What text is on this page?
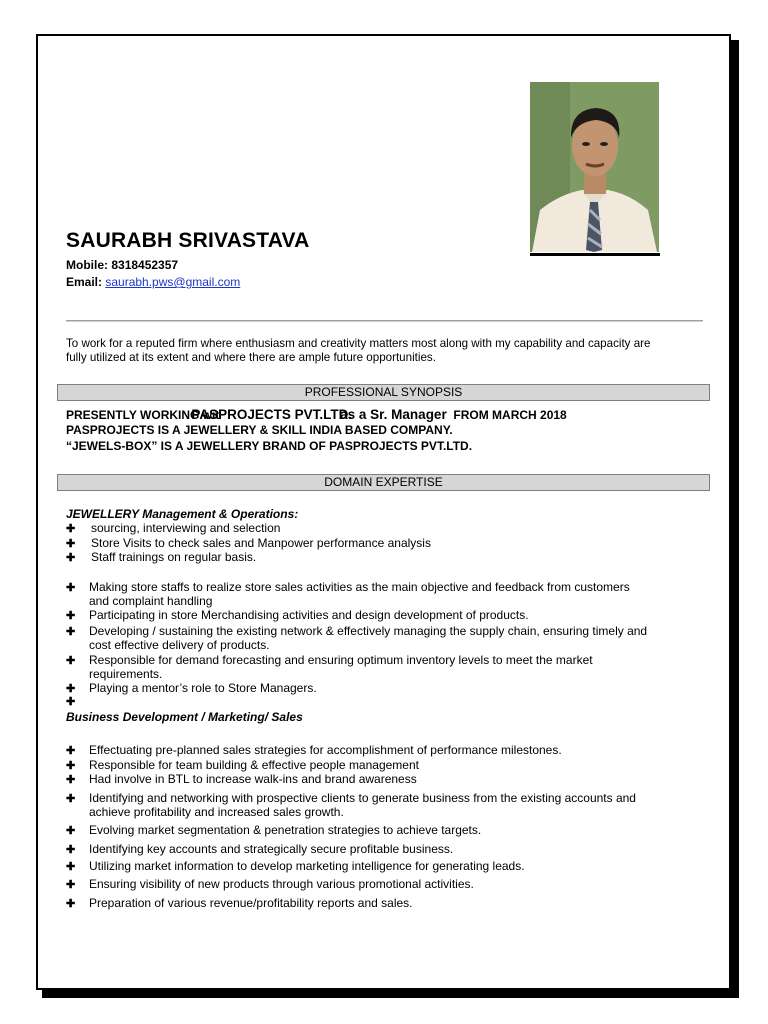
SAURABH SRIVASTAVA
Mobile: 8318452357
Email: saurabh.pws@gmail.com
To work for a reputed firm where enthusiasm and creativity matters most along with my capability and capacity are fully utilized at its extent and where there are ample future opportunities.
PROFESSIONAL SYNOPSIS
PRESENTLY WORKING witPASPROJECTS PVT.LTD.as a Sr. Manager FROM MARCH 2018
PASPROJECTS IS A JEWELLERY & SKILL INDIA BASED COMPANY.
“JEWELS-BOX” IS A JEWELLERY BRAND OF PASPROJECTS PVT.LTD.
DOMAIN EXPERTISE
JEWELLERY Management & Operations:
✚ sourcing, interviewing and selection
✚ Store Visits to check sales and Manpower performance analysis
✚ Staff trainings on regular basis.
✚ Making store staffs to realize store sales activities as the main objective and feedback from customers and complaint handling
✚ Participating in store Merchandising activities and design development of products.
✚ Developing / sustaining the existing network & effectively managing the supply chain, ensuring timely and cost effective delivery of products.
✚ Responsible for demand forecasting and ensuring optimum inventory levels to meet the market requirements.
✚ Playing a mentor’s role to Store Managers.
✚
Business Development / Marketing/ Sales
✚ Effectuating pre-planned sales strategies for accomplishment of performance milestones.
✚ Responsible for team building & effective people management
✚ Had involve in BTL to increase walk-ins and brand awareness
✚ Identifying and networking with prospective clients to generate business from the existing accounts and achieve profitability and increased sales growth.
✚ Evolving market segmentation & penetration strategies to achieve targets.
✚ Identifying key accounts and strategically secure profitable business.
✚ Utilizing market information to develop marketing intelligence for generating leads.
✚ Ensuring visibility of new products through various promotional activities.
✚ Preparation of various revenue/profitability reports and sales.
